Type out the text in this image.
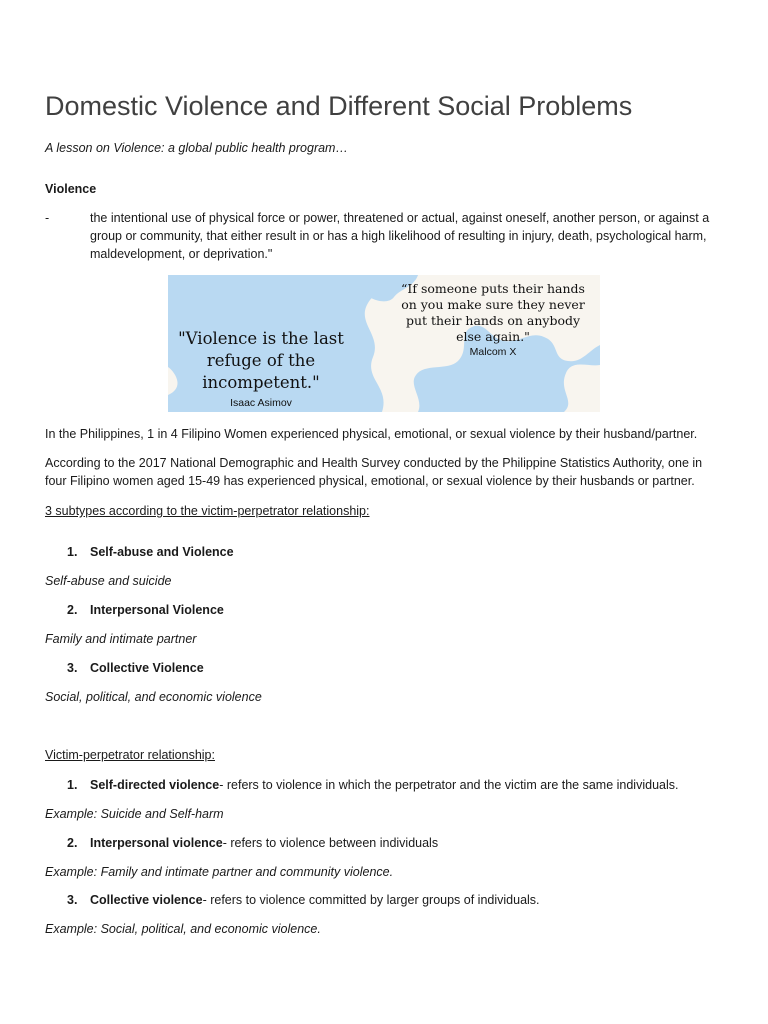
Domestic Violence and Different Social Problems
A lesson on Violence: a global public health program…
Violence
-	the intentional use of physical force or power, threatened or actual, against oneself, another person, or against a group or community, that either result in or has a high likelihood of resulting in injury, death, psychological harm, maldevelopment, or deprivation."
"Violence is the last refuge of the incompetent."
Isaac Asimov
“If someone puts their hands on you make sure they never put their hands on anybody else again."
Malcom X
In the Philippines, 1 in 4 Filipino Women experienced physical, emotional, or sexual violence by their husband/partner.
According to the 2017 National Demographic and Health Survey conducted by the Philippine Statistics Authority, one in four Filipino women aged 15-49 has experienced physical, emotional, or sexual violence by their husbands or partner.
3 subtypes according to the victim-perpetrator relationship:
1. Self-abuse and Violence
Self-abuse and suicide
2. Interpersonal Violence
Family and intimate partner
3. Collective Violence
Social, political, and economic violence
Victim-perpetrator relationship:
1. Self-directed violence- refers to violence in which the perpetrator and the victim are the same individuals.
Example: Suicide and Self-harm
2. Interpersonal violence- refers to violence between individuals
Example: Family and intimate partner and community violence.
3. Collective violence- refers to violence committed by larger groups of individuals.
Example: Social, political, and economic violence.
